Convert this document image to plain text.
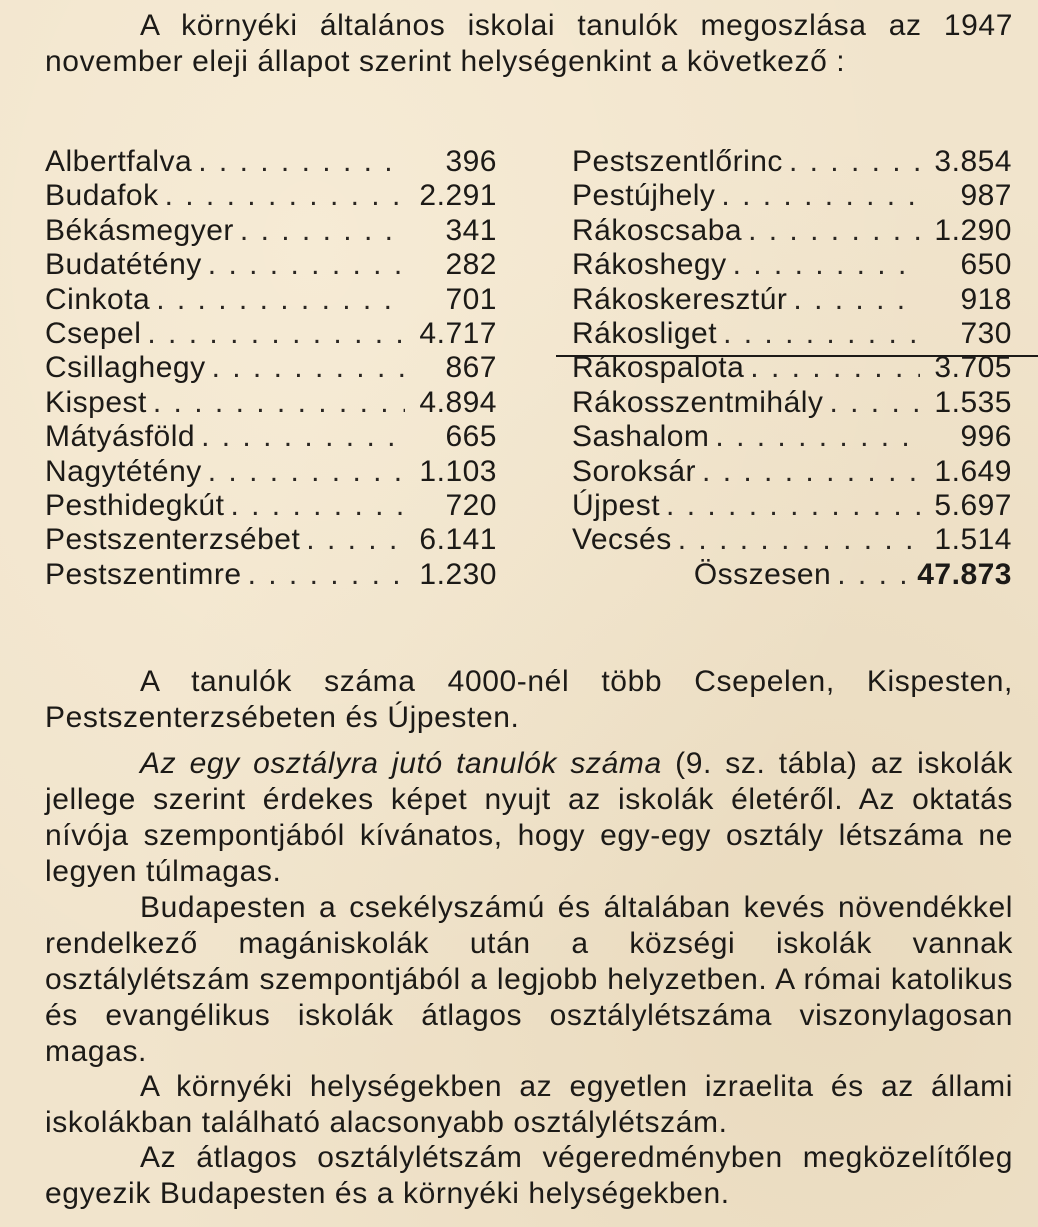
A környéki általános iskolai tanulók megoszlása az 1947 november eleji állapot szerint helységenkint a következő :

Albertfalva . . .	396
Budafok . . .	2.291
Békásmegyer . . .	341
Budatétény . . .	282
Cinkota . . .	701
Csepel . . .	4.717
Csillaghegy . . .	867
Kispest . . .	4.894
Mátyásföld . . .	665
Nagytétény . . .	1.103
Pesthidegkút . . .	720
Pestszenterzsébet . . .	6.141
Pestszentimre . . .	1.230
Pestszentlőrinc . . .	3.854
Pestújhely . . .	987
Rákoscsaba . . .	1.290
Rákoshegy . . .	650
Rákoskeresztúr . . .	918
Rákosliget . . .	730
Rákospalota . . .	3.705
Rákosszentmihály . . .	1.535
Sashalom . . .	996
Soroksár . . .	1.649
Újpest . . .	5.697
Vecsés . . .	1.514
Összesen . . .	47.873

A tanulók száma 4000-nél több Csepelen, Kispesten, Pestszenterzsébeten és Újpesten.

Az egy osztályra jutó tanulók száma (9. sz. tábla) az iskolák jellege szerint érdekes képet nyujt az iskolák életéről. Az oktatás nívója szempontjából kívánatos, hogy egy-egy osztály létszáma ne legyen túlmagas.

Budapesten a csekélyszámú és általában kevés növendékkel rendelkező magániskolák után a községi iskolák vannak osztálylétszám szempontjából a legjobb helyzetben. A római katolikus és evangélikus iskolák átlagos osztálylétszáma viszonylagosan magas.

A környéki helységekben az egyetlen izraelita és az állami iskolákban található alacsonyabb osztálylétszám.

Az átlagos osztálylétszám végeredményben megközelítőleg egyezik Budapesten és a környéki helységekben.
